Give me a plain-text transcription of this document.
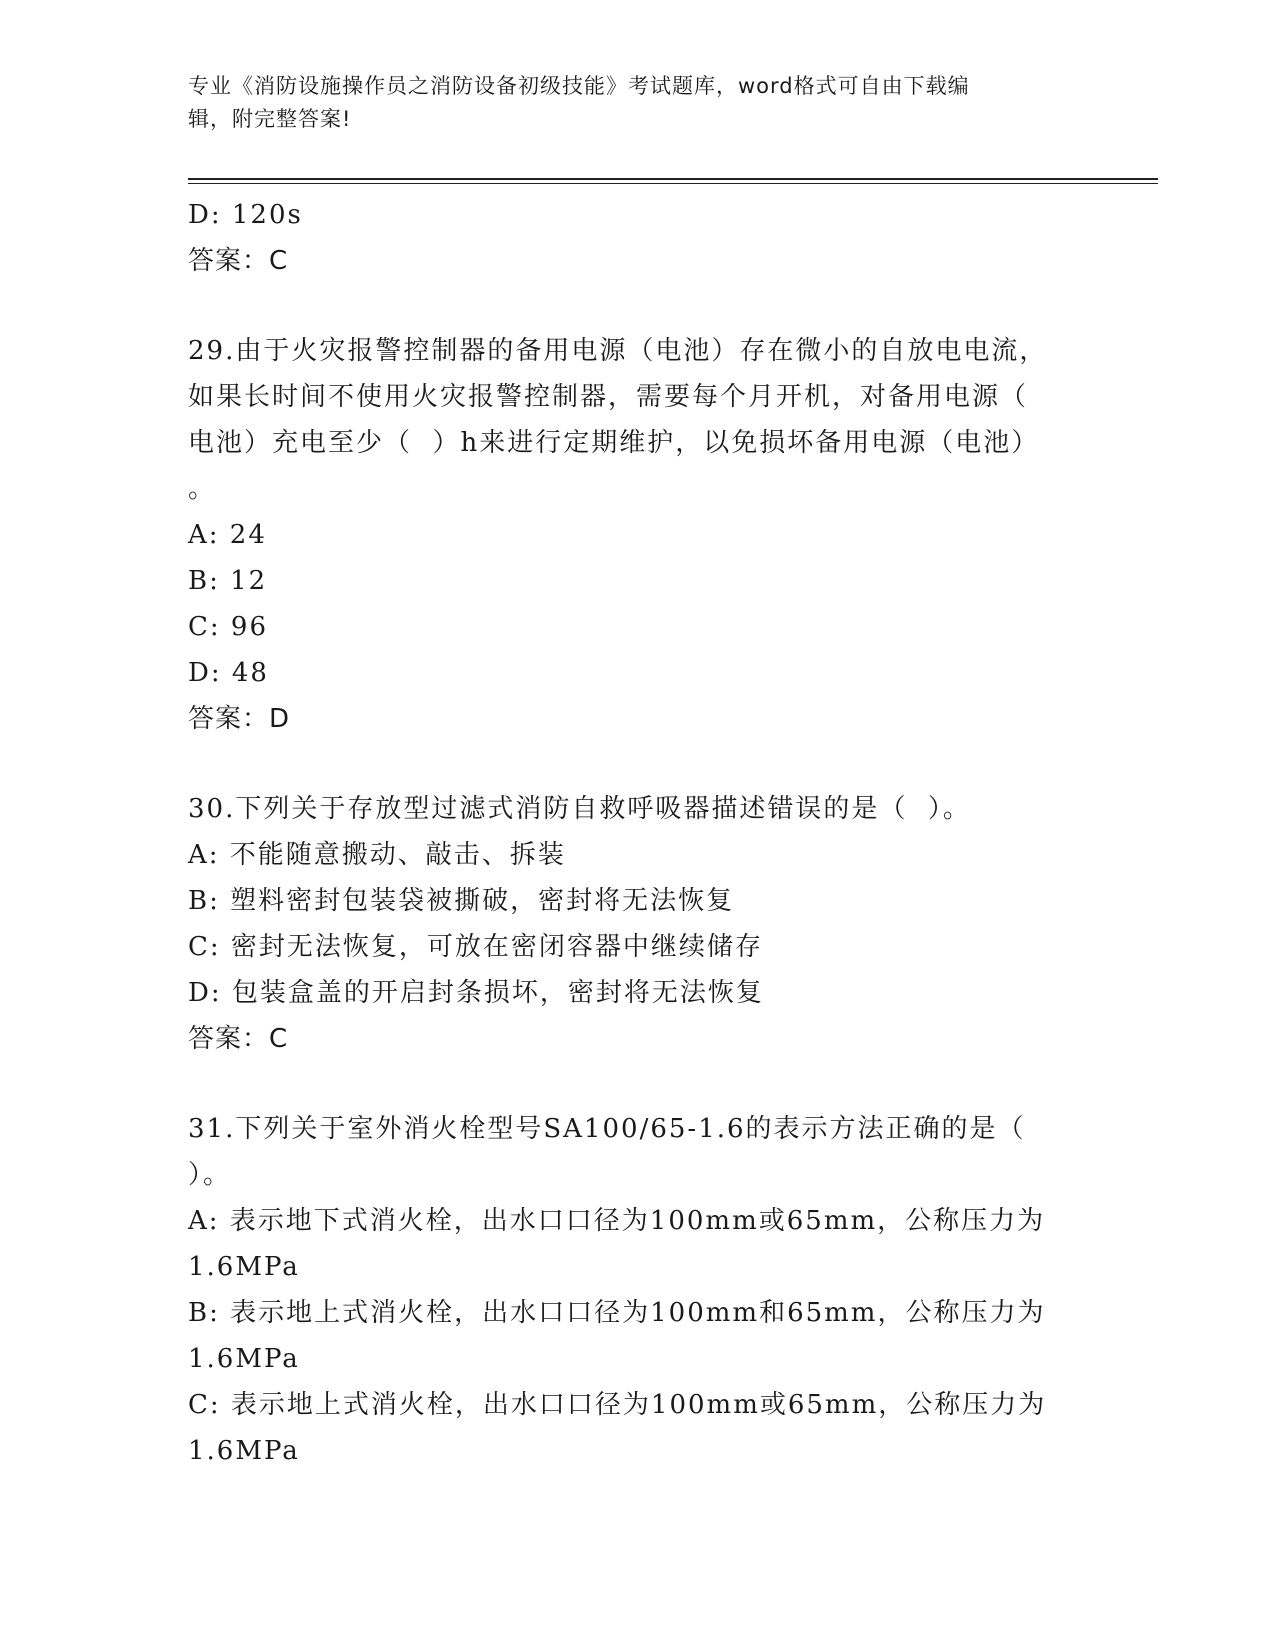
专业《消防设施操作员之消防设备初级技能》考试题库，word格式可自由下载编
辑，附完整答案!
D: 120s
答案：C
29.由于火灾报警控制器的备用电源（电池）存在微小的自放电电流，
如果长时间不使用火灾报警控制器，需要每个月开机，对备用电源（
电池）充电至少（  ）h来进行定期维护，以免损坏备用电源（电池）
。
A: 24
B: 12
C: 96
D: 48
答案：D
30.下列关于存放型过滤式消防自救呼吸器描述错误的是（  ）。
A: 不能随意搬动、敲击、拆装
B: 塑料密封包装袋被撕破，密封将无法恢复
C: 密封无法恢复，可放在密闭容器中继续储存
D: 包装盒盖的开启封条损坏，密封将无法恢复
答案：C
31.下列关于室外消火栓型号SA100/65-1.6的表示方法正确的是（
）。
A: 表示地下式消火栓，出水口口径为100mm或65mm，公称压力为
1.6MPa
B: 表示地上式消火栓，出水口口径为100mm和65mm，公称压力为
1.6MPa
C: 表示地上式消火栓，出水口口径为100mm或65mm，公称压力为
1.6MPa
